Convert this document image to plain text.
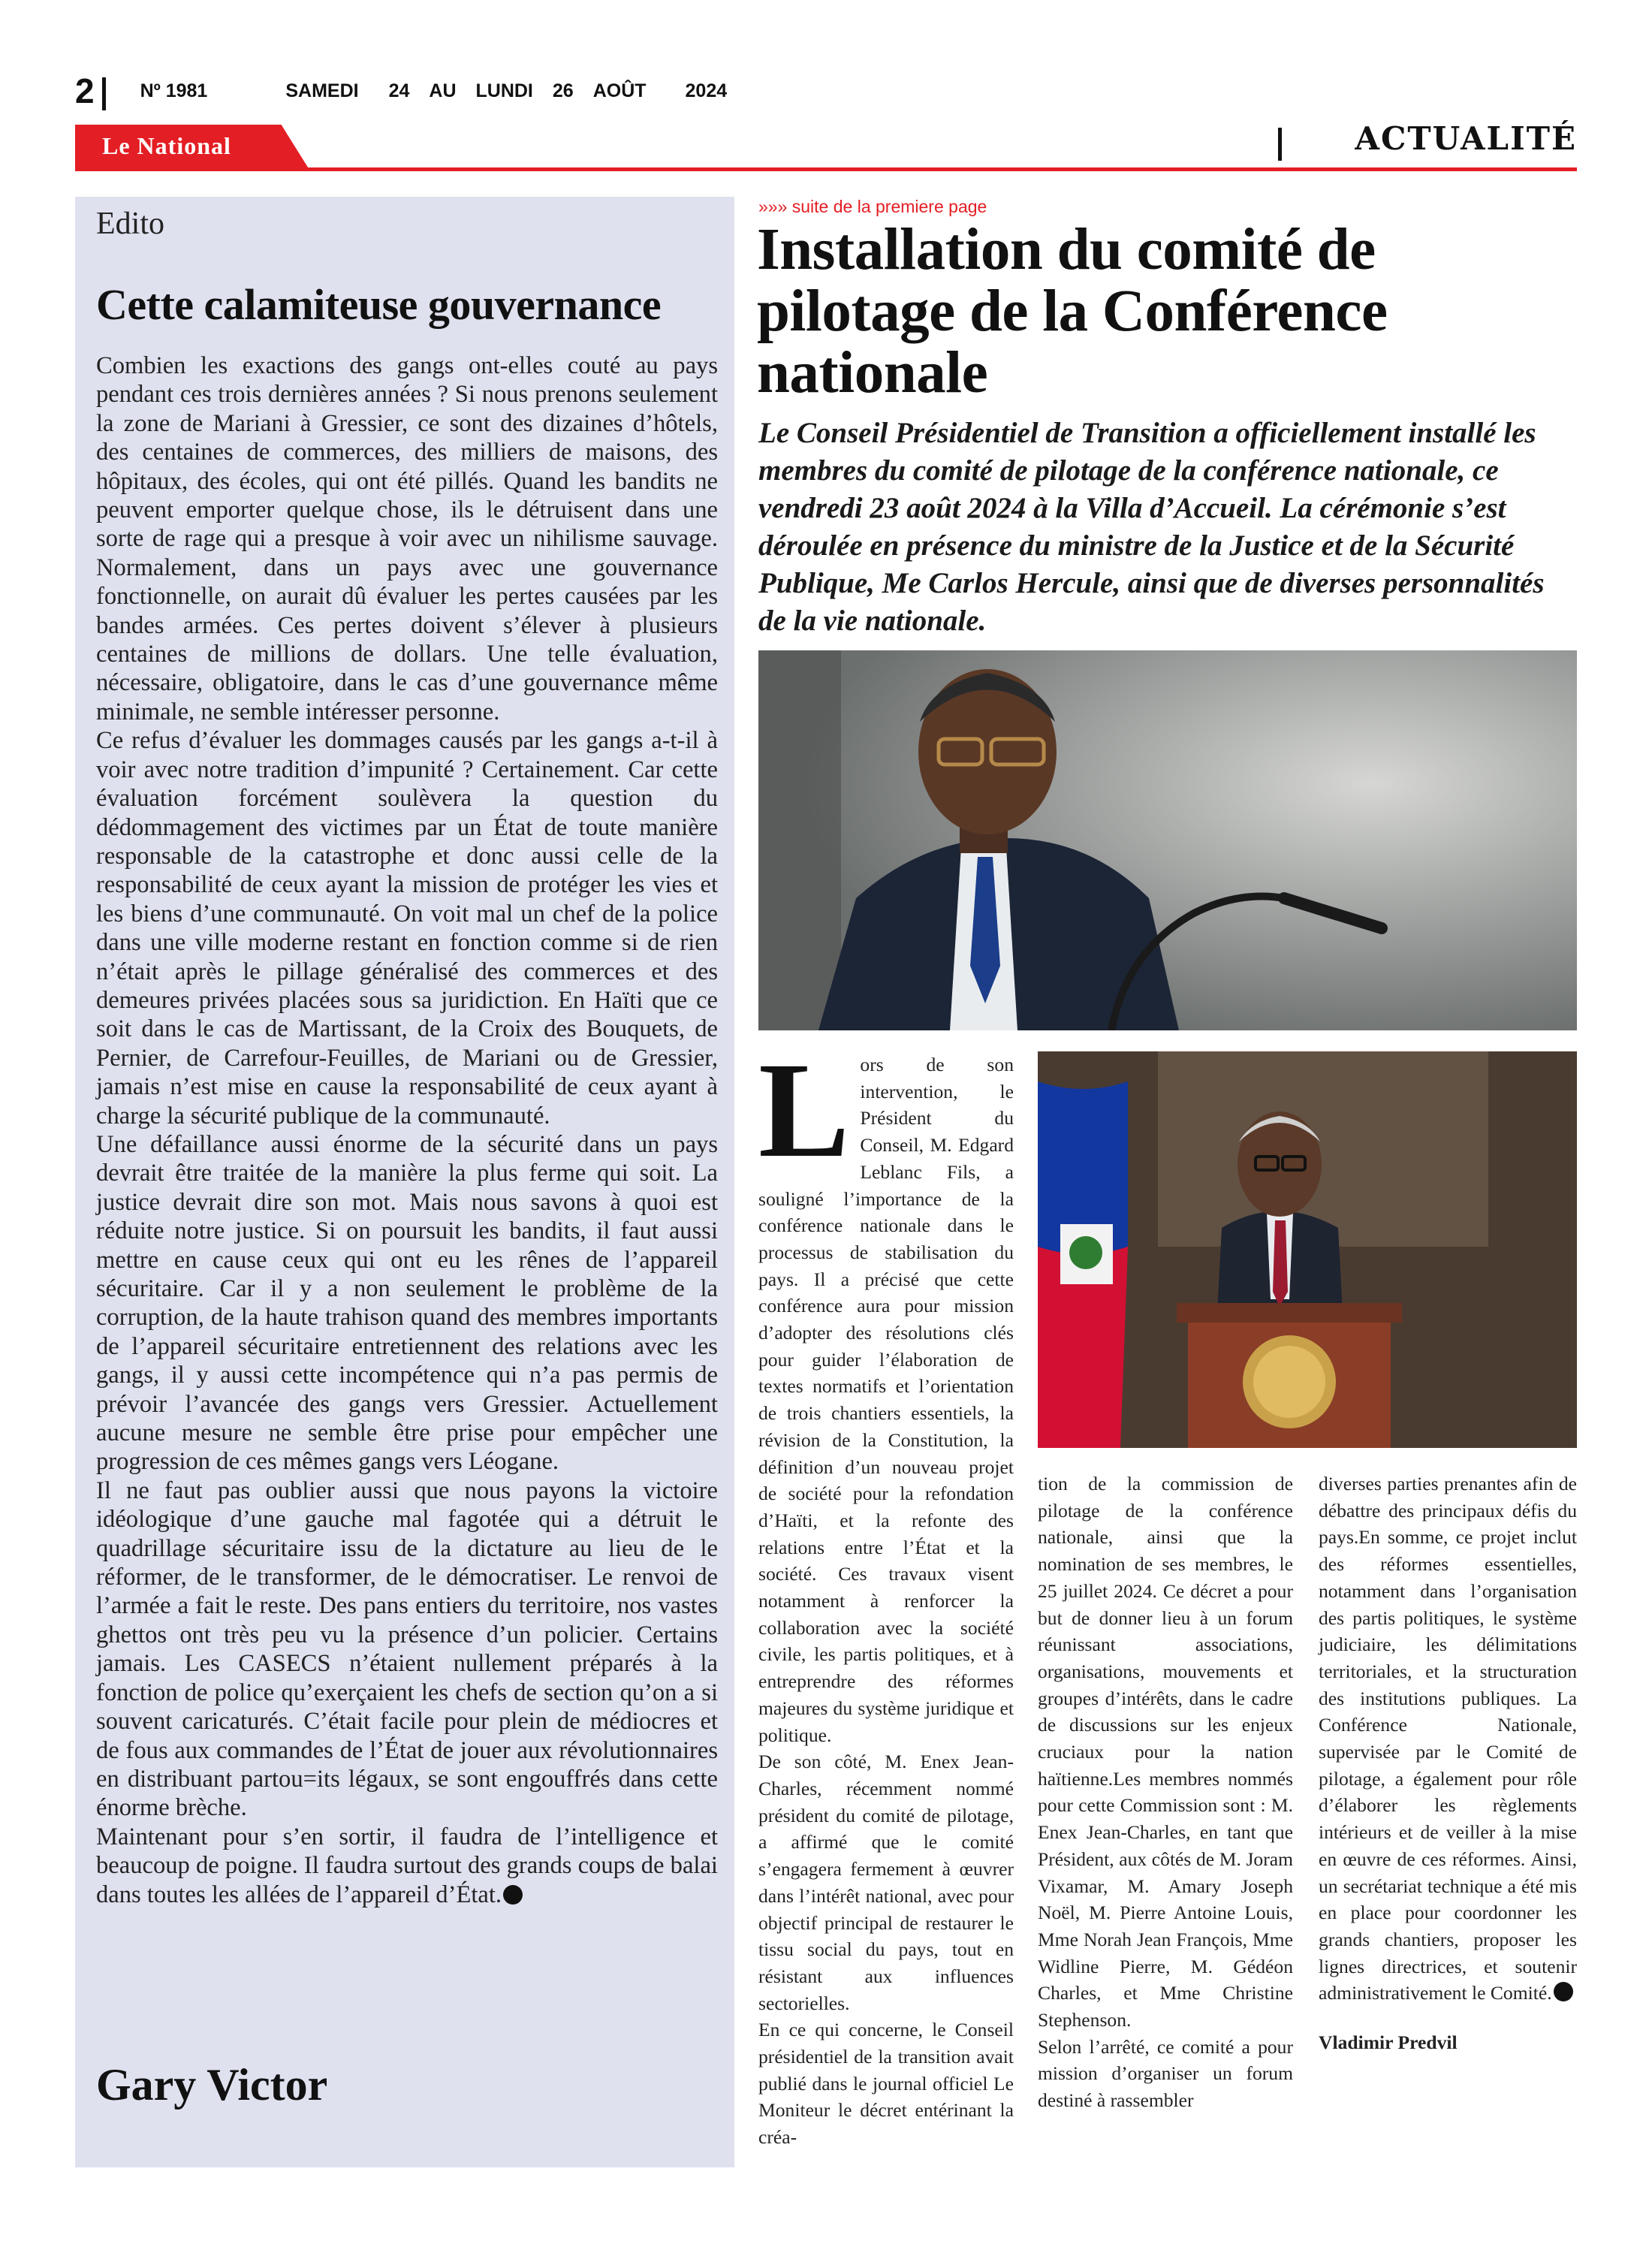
2	Nº 1981	SAMEDI 24 AU LUNDI 26 AOÛT 2024
Le National	ACTUALITÉ
Edito
Cette calamiteuse gouvernance

Combien les exactions des gangs ont-elles couté au pays pendant ces trois dernières années ? Si nous prenons seulement la zone de Mariani à Gressier, ce sont des dizaines d’hôtels, des centaines de commerces, des milliers de maisons, des hôpitaux, des écoles, qui ont été pillés. Quand les bandits ne peuvent emporter quelque chose, ils le détruisent dans une sorte de rage qui a presque à voir avec un nihilisme sauvage. Normalement, dans un pays avec une gouvernance fonctionnelle, on aurait dû évaluer les pertes causées par les bandes armées. Ces pertes doivent s’élever à plusieurs centaines de millions de dollars. Une telle évaluation, nécessaire, obligatoire, dans le cas d’une gouvernance même minimale, ne semble intéresser personne.

Ce refus d’évaluer les dommages causés par les gangs a-t-il à voir avec notre tradition d’impunité ? Certainement. Car cette évaluation forcément soulèvera la question du dédommagement des victimes par un État de toute manière responsable de la catastrophe et donc aussi celle de la responsabilité de ceux ayant la mission de protéger les vies et les biens d’une communauté. On voit mal un chef de la police dans une ville moderne restant en fonction comme si de rien n’était après le pillage généralisé des commerces et des demeures privées placées sous sa juridiction. En Haïti que ce soit dans le cas de Martissant, de la Croix des Bouquets, de Pernier, de Carrefour-Feuilles, de Mariani ou de Gressier, jamais n’est mise en cause la responsabilité de ceux ayant à charge la sécurité publique de la communauté.

Une défaillance aussi énorme de la sécurité dans un pays devrait être traitée de la manière la plus ferme qui soit. La justice devrait dire son mot. Mais nous savons à quoi est réduite notre justice. Si on poursuit les bandits, il faut aussi mettre en cause ceux qui ont eu les rênes de l’appareil sécuritaire. Car il y a non seulement le problème de la corruption, de la haute trahison quand des membres importants de l’appareil sécuritaire entretiennent des relations avec les gangs, il y aussi cette incompétence qui n’a pas permis de prévoir l’avancée des gangs vers Gressier. Actuellement aucune mesure ne semble être prise pour empêcher une progression de ces mêmes gangs vers Léogane.

Il ne faut pas oublier aussi que nous payons la victoire idéologique d’une gauche mal fagotée qui a détruit le quadrillage sécuritaire issu de la dictature au lieu de le réformer, de le transformer, de le démocratiser. Le renvoi de l’armée a fait le reste. Des pans entiers du territoire, nos vastes ghettos ont très peu vu la présence d’un policier. Certains jamais. Les CASECS n’étaient nullement préparés à la fonction de police qu’exerçaient les chefs de section qu’on a si souvent caricaturés. C’était facile pour plein de médiocres et de fous aux commandes de l’État de jouer aux révolutionnaires en distribuant partou=its légaux, se sont engouffrés dans cette énorme brèche.

Maintenant pour s’en sortir, il faudra de l’intelligence et beaucoup de poigne. Il faudra surtout des grands coups de balai dans toutes les allées de l’appareil d’État.

Gary Victor
»»» suite de la premiere page
Installation du comité de pilotage de la Conférence nationale
Le Conseil Présidentiel de Transition a officiellement installé les membres du comité de pilotage de la conférence nationale, ce vendredi 23 août 2024 à la Villa d’Accueil. La cérémonie s’est déroulée en présence du ministre de la Justice et de la Sécurité Publique, Me Carlos Hercule, ainsi que de diverses personnalités de la vie nationale.

Lors de son intervention, le Président du Conseil, M. Edgard Leblanc Fils, a souligné l’importance de la conférence nationale dans le processus de stabilisation du pays. Il a précisé que cette conférence aura pour mission d’adopter des résolutions clés pour guider l’élaboration de textes normatifs et l’orientation de trois chantiers essentiels, la révision de la Constitution, la définition d’un nouveau projet de société pour la refondation d’Haïti, et la refonte des relations entre l’État et la société. Ces travaux visent notamment à renforcer la collaboration avec la société civile, les partis politiques, et à entreprendre des réformes majeures du système juridique et politique.

De son côté, M. Enex Jean-Charles, récemment nommé président du comité de pilotage, a affirmé que le comité s’engagera fermement à œuvrer dans l’intérêt national, avec pour objectif principal de restaurer le tissu social du pays, tout en résistant aux influences sectorielles.

En ce qui concerne, le Conseil présidentiel de la transition avait publié dans le journal officiel Le Moniteur le décret entérinant la créa-

tion de la commission de pilotage de la conférence nationale, ainsi que la nomination de ses membres, le 25 juillet 2024. Ce décret a pour but de donner lieu à un forum réunissant associations, organisations, mouvements et groupes d’intérêts, dans le cadre de discussions sur les enjeux cruciaux pour la nation haïtienne.Les membres nommés pour cette Commission sont : M. Enex Jean-Charles, en tant que Président, aux côtés de M. Joram Vixamar, M. Amary Joseph Noël, M. Pierre Antoine Louis, Mme Norah Jean François, Mme Widline Pierre, M. Gédéon Charles, et Mme Christine Stephenson.

Selon l’arrêté, ce comité a pour mission d’organiser un forum destiné à rassembler

diverses parties prenantes afin de débattre des principaux défis du pays.En somme, ce projet inclut des réformes essentielles, notamment dans l’organisation des partis politiques, le système judiciaire, les délimitations territoriales, et la structuration des institutions publiques. La Conférence Nationale, supervisée par le Comité de pilotage, a également pour rôle d’élaborer les règlements intérieurs et de veiller à la mise en œuvre de ces réformes. Ainsi, un secrétariat technique a été mis en place pour coordonner les grands chantiers, proposer les lignes directrices, et soutenir administrativement le Comité.

Vladimir Predvil
